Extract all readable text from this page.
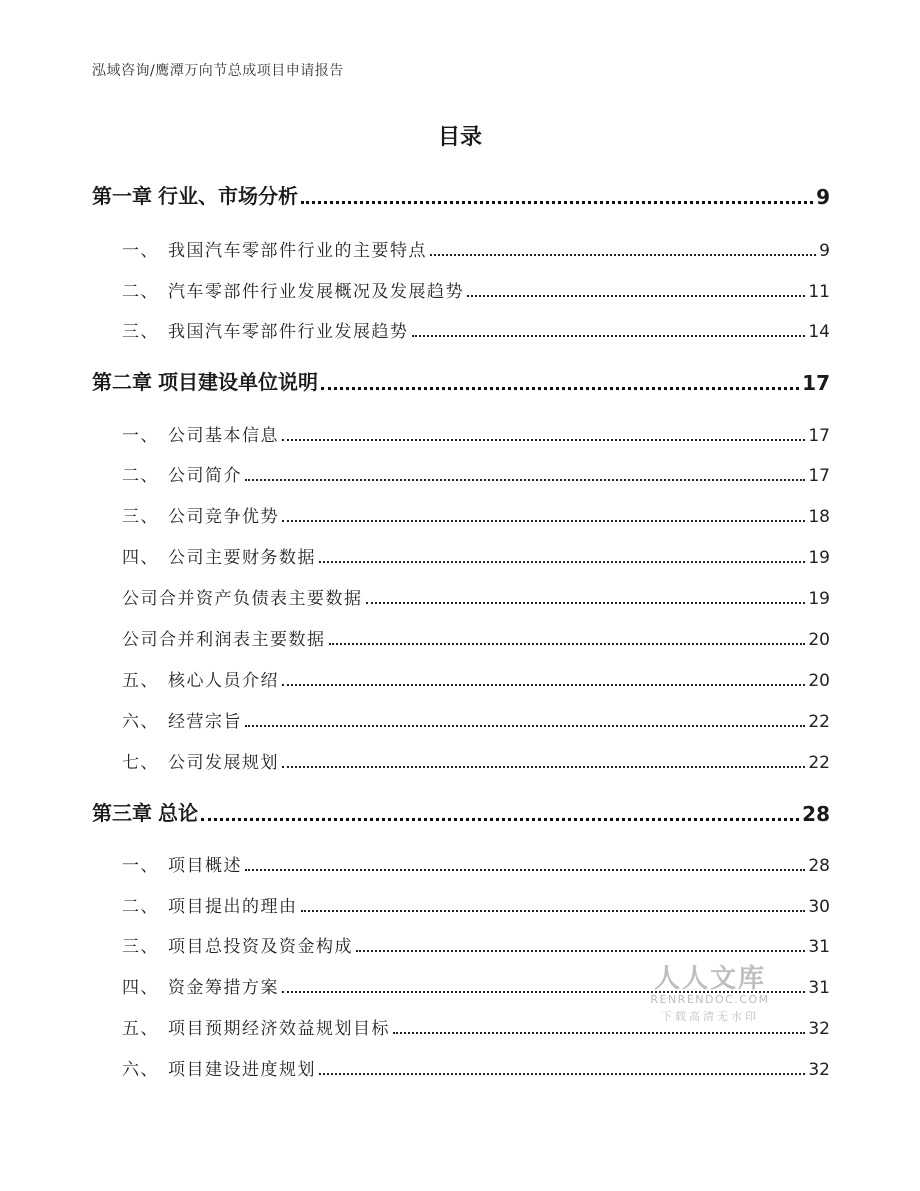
泓域咨询/鹰潭万向节总成项目申请报告
目录
第一章 行业、市场分析	9
一、 我国汽车零部件行业的主要特点	9
二、 汽车零部件行业发展概况及发展趋势	11
三、 我国汽车零部件行业发展趋势	14
第二章 项目建设单位说明	17
一、 公司基本信息	17
二、 公司简介	17
三、 公司竞争优势	18
四、 公司主要财务数据	19
公司合并资产负债表主要数据	19
公司合并利润表主要数据	20
五、 核心人员介绍	20
六、 经营宗旨	22
七、 公司发展规划	22
第三章 总论	28
一、 项目概述	28
二、 项目提出的理由	30
三、 项目总投资及资金构成	31
四、 资金筹措方案	31
五、 项目预期经济效益规划目标	32
六、 项目建设进度规划	32
人人文库
RENRENDOC.COM
下载高清无水印
